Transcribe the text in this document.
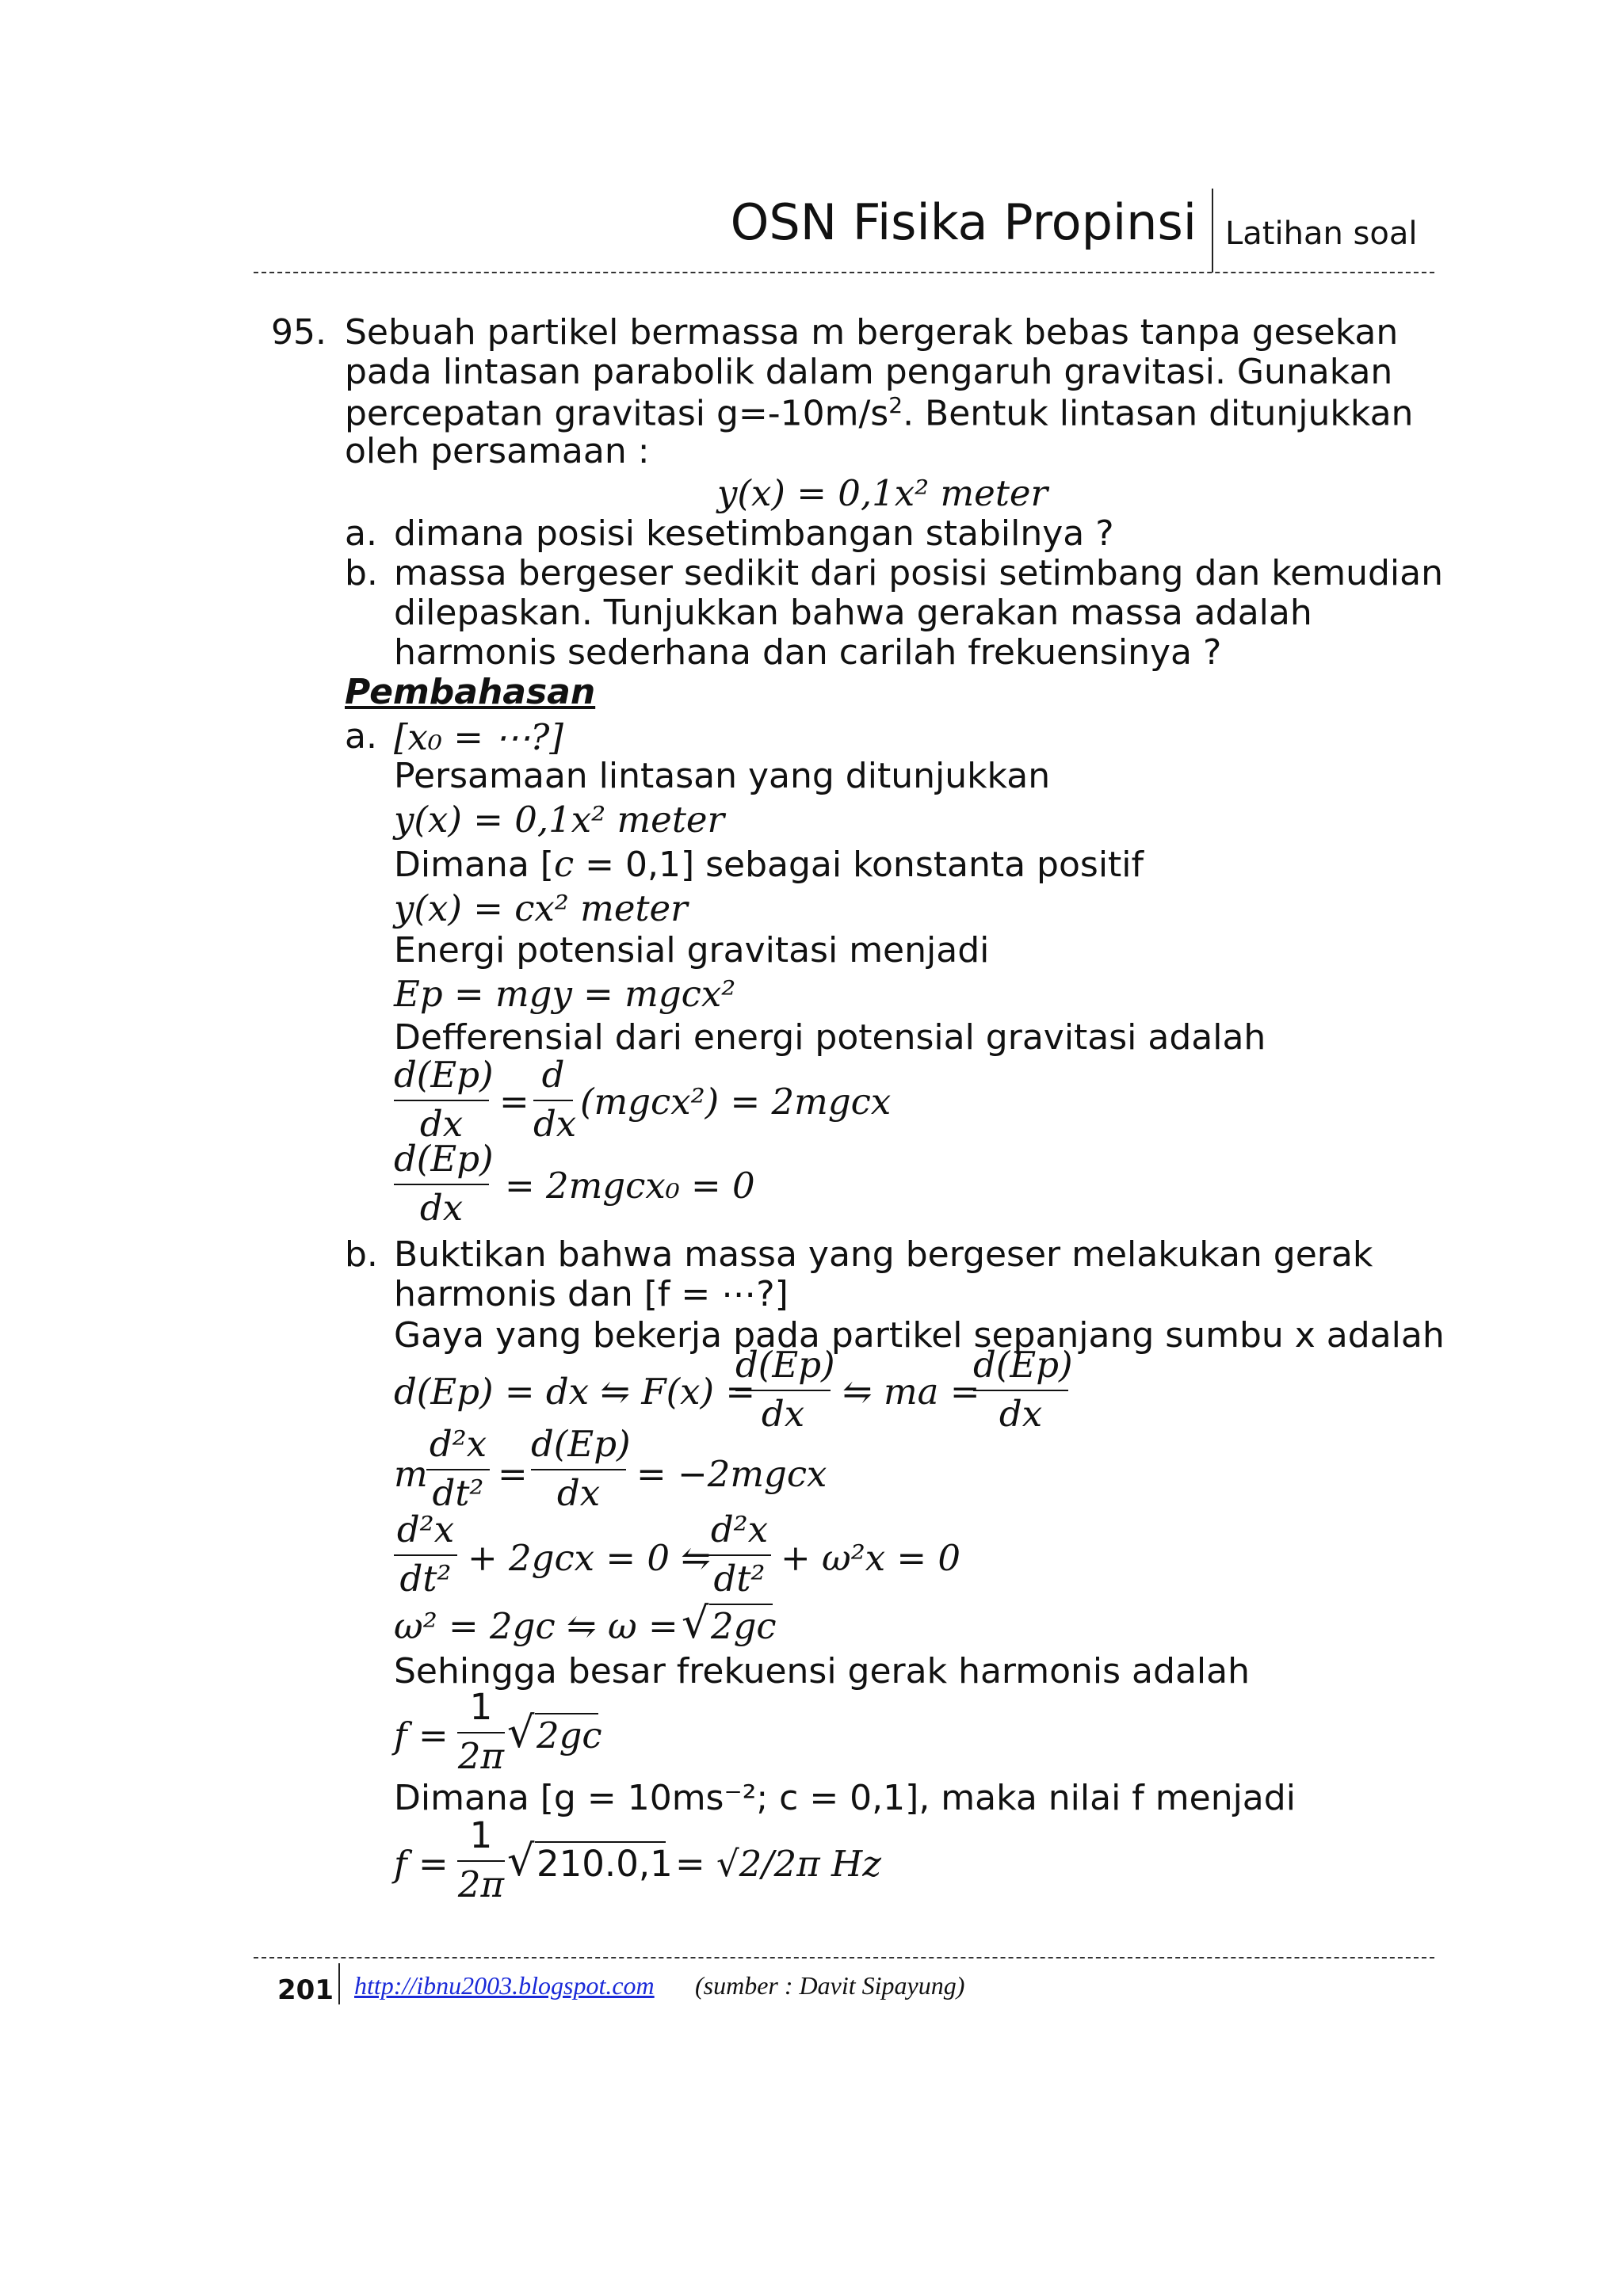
OSN Fisika Propinsi Latihan soal
95. Sebuah partikel bermassa m bergerak bebas tanpa gesekan
pada lintasan parabolik dalam pengaruh gravitasi. Gunakan
percepatan gravitasi $g=-10m/s^2$. Bentuk lintasan ditunjukkan
oleh persamaan :
y(x) = 0,1x² meter
a. dimana posisi kesetimbangan stabilnya ?
b. massa bergeser sedikit dari posisi setimbang dan kemudian
dilepaskan. Tunjukkan bahwa gerakan massa adalah
harmonis sederhana dan carilah frekuensinya ?
Pembahasan
a. [x₀ = ⋯?]
Persamaan lintasan yang ditunjukkan
y(x) = 0,1x² meter
Dimana [c = 0,1] sebagai konstanta positif
y(x) = cx² meter
Energi potensial gravitasi menjadi
Ep = mgy = mgcx²
Defferensial dari energi potensial gravitasi adalah
d(Ep)
dx
=
d
dx
(mgcx²) = 2mgcx
d(Ep)
dx
= 2mgcx₀ = 0
b. Buktikan bahwa massa yang bergeser melakukan gerak
harmonis dan [f = ⋯?]
Gaya yang bekerja pada partikel sepanjang sumbu x adalah
d(Ep) = dx ⇋ F(x) =
d(Ep)
dx
⇋ ma =
d(Ep)
dx
m
d²x
dt² =
d(Ep)
dx	= −2mgcx
d²x
dt² + 2gcx = 0 ⇋
d²x
dt² + ω²x = 0
ω² = 2gc ⇋ ω = √ 2gc
Sehingga besar frekuensi gerak harmonis adalah
f =
1
2π √ 2gc
Dimana [g = 10ms⁻²; c = 0,1], maka nilai f menjadi
f =
1
2π √ 210.0,1 = √2/2π Hz
201 http://ibnu2003.blogspot.com (sumber : Davit Sipayung)
